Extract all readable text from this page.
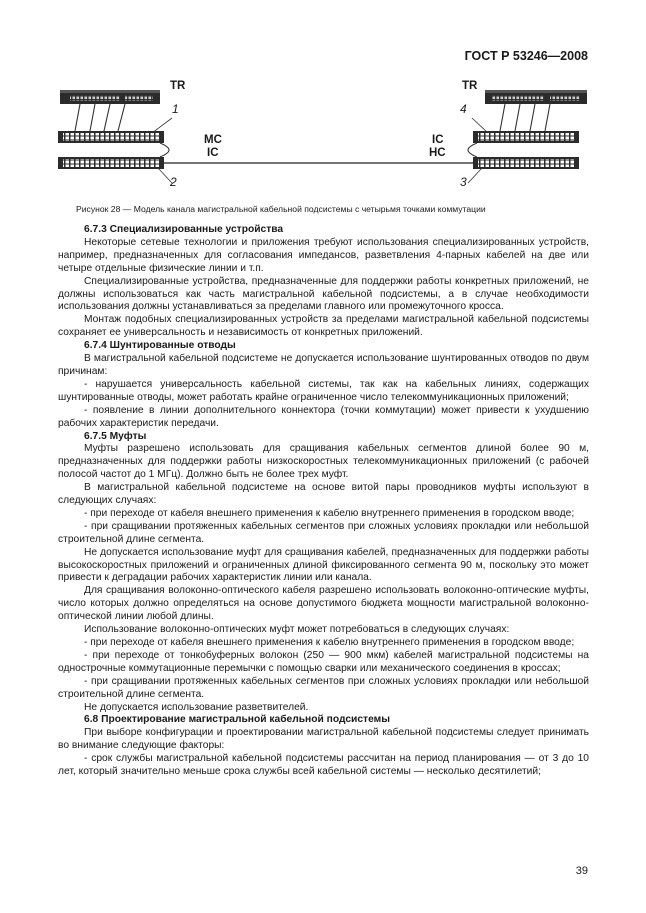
ГОСТ Р 53246—2008
TR	TR
1
2	3
4
MC
IC
IC
HC
Рисунок 28 — Модель канала магистральной кабельной подсистемы с четырьмя точками коммутации

6.7.3 Специализированные устройства

Некоторые сетевые технологии и приложения требуют использования специализированных устройств, например, предназначенных для согласования импедансов, разветвления 4-парных кабелей на две или четыре отдельные физические линии и т.п.

Специализированные устройства, предназначенные для поддержки работы конкретных приложений, не должны использоваться как часть магистральной кабельной подсистемы, а в случае необходимости использования должны устанавливаться за пределами главного или промежуточного кросса.

Монтаж подобных специализированных устройств за пределами магистральной кабельной подсистемы сохраняет ее универсальность и независимость от конкретных приложений.

6.7.4 Шунтированные отводы

В магистральной кабельной подсистеме не допускается использование шунтированных отводов по двум причинам:

- нарушается универсальность кабельной системы, так как на кабельных линиях, содержащих шунтированные отводы, может работать крайне ограниченное число телекоммуникационных приложений;

- появление в линии дополнительного коннектора (точки коммутации) может привести к ухудшению рабочих характеристик передачи.

6.7.5 Муфты

Муфты разрешено использовать для сращивания кабельных сегментов длиной более 90 м, предназначенных для поддержки работы низкоскоростных телекоммуникационных приложений (с рабочей полосой частот до 1 МГц). Должно быть не более трех муфт.

В магистральной кабельной подсистеме на основе витой пары проводников муфты используют в следующих случаях:

- при переходе от кабеля внешнего применения к кабелю внутреннего применения в городском вводе;

- при сращивании протяженных кабельных сегментов при сложных условиях прокладки или небольшой строительной длине сегмента.

Не допускается использование муфт для сращивания кабелей, предназначенных для поддержки работы высокоскоростных приложений и ограниченных длиной фиксированного сегмента 90 м, поскольку это может привести к деградации рабочих характеристик линии или канала.

Для сращивания волоконно-оптического кабеля разрешено использовать волоконно-оптические муфты, число которых должно определяться на основе допустимого бюджета мощности магистральной волоконно-оптической линии любой длины.

Использование волоконно-оптических муфт может потребоваться в следующих случаях:

- при переходе от кабеля внешнего применения к кабелю внутреннего применения в городском вводе;

- при переходе от тонкобуферных волокон (250 — 900 мкм) кабелей магистральной подсистемы на однострочные коммутационные перемычки с помощью сварки или механического соединения в кроссах;

- при сращивании протяженных кабельных сегментов при сложных условиях прокладки или небольшой строительной длине сегмента.

Не допускается использование разветвителей.

6.8 Проектирование магистральной кабельной подсистемы

При выборе конфигурации и проектировании магистральной кабельной подсистемы следует принимать во внимание следующие факторы:

- срок службы магистральной кабельной подсистемы рассчитан на период планирования — от 3 до 10 лет, который значительно меньше срока службы всей кабельной системы — несколько десятилетий;

39
